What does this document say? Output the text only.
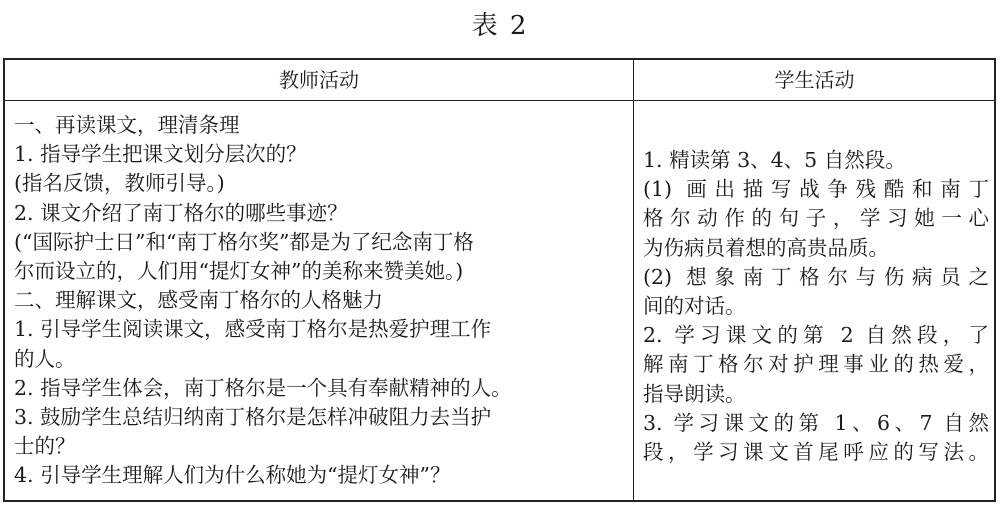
表 2
教师活动	学生活动
一、再读课文，理清条理
1. 指导学生把课文划分层次的？
(指名反馈，教师引导。)
2. 课文介绍了南丁格尔的哪些事迹？
(“国际护士日”和“南丁格尔奖”都是为了纪念南丁格
尔而设立的，人们用“提灯女神”的美称来赞美她。)
二、理解课文，感受南丁格尔的人格魅力
1. 引导学生阅读课文，感受南丁格尔是热爱护理工作
的人。
2. 指导学生体会，南丁格尔是一个具有奉献精神的人。
3. 鼓励学生总结归纳南丁格尔是怎样冲破阻力去当护
士的？
4. 引导学生理解人们为什么称她为“提灯女神”？
1. 精读第 3、4、5 自然段。
(1) 画出描写战争残酷和南丁
格尔动作的句子，学习她一心
为伤病员着想的高贵品质。
(2) 想象南丁格尔与伤病员之
间的对话。
2. 学习课文的第 2 自然段，了
解南丁格尔对护理事业的热爱，
指导朗读。
3. 学习课文的第 1、6、7 自然
段，学习课文首尾呼应的写法。
